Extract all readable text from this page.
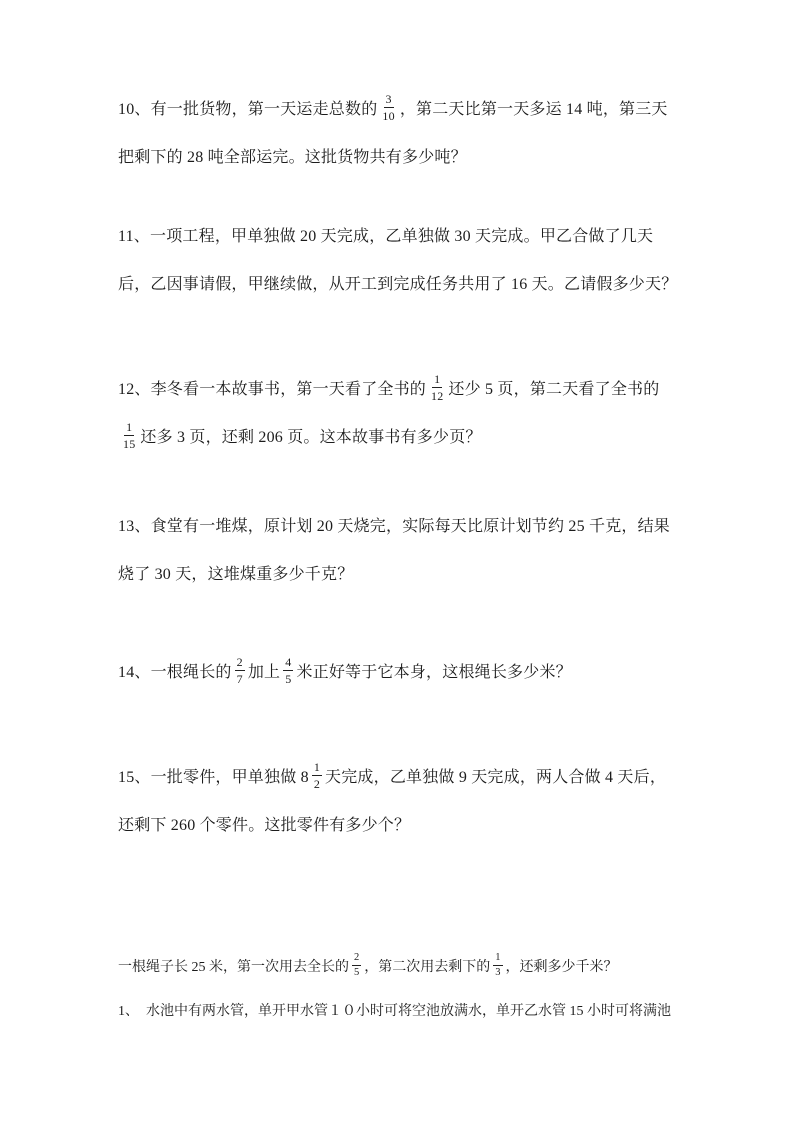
10、有一批货物，第一天运走总数的 $\frac{3}{10}$ ，第二天比第一天多运 14 吨，第三天把剩下的 28 吨全部运完。这批货物共有多少吨？
11、一项工程，甲单独做 20 天完成，乙单独做 30 天完成。甲乙合做了几天后，乙因事请假，甲继续做，从开工到完成任务共用了 16 天。乙请假多少天？
12、李冬看一本故事书，第一天看了全书的 $\frac{1}{12}$ 还少 5 页，第二天看了全书的
$\frac{1}{15}$ 还多 3 页，还剩 206 页。这本故事书有多少页？
13、食堂有一堆煤，原计划 20 天烧完，实际每天比原计划节约 25 千克，结果烧了 30 天，这堆煤重多少千克？
14、一根绳长的 $\frac{2}{7}$ 加上 $\frac{4}{5}$ 米正好等于它本身，这根绳长多少米？
15、一批零件，甲单独做 $8 \frac{1}{2}$ 天完成，乙单独做 9 天完成，两人合做 4 天后，还剩下 260 个零件。这批零件有多少个？
一根绳子长 25 米，第一次用去全长的 $\frac{2}{5}$ ，第二次用去剩下的 $\frac{1}{3}$ ，还剩多少千米？
1、　水池中有两水管，单开甲水管１０小时可将空池放满水，单开乙水管 15 小时可将满池
